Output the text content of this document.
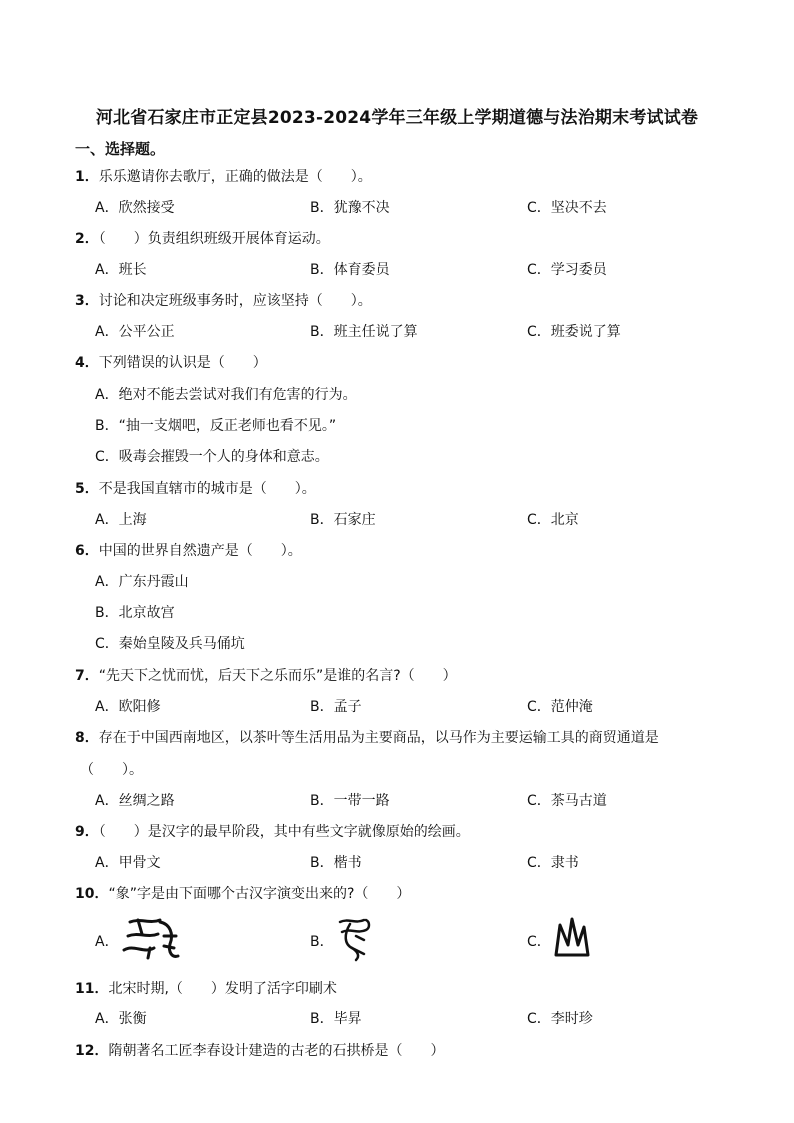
河北省石家庄市正定县2023-2024学年三年级上学期道德与法治期末考试试卷
一、选择题。
1．乐乐邀请你去歌厅，正确的做法是（　　）。
A．欣然接受	B．犹豫不决	C．坚决不去
2．（　　）负责组织班级开展体育运动。
A．班长	B．体育委员	C．学习委员
3．讨论和决定班级事务时，应该坚持（　　）。
A．公平公正	B．班主任说了算	C．班委说了算
4．下列错误的认识是（　　）
A．绝对不能去尝试对我们有危害的行为。
B．“抽一支烟吧，反正老师也看不见。”
C．吸毒会摧毁一个人的身体和意志。
5．不是我国直辖市的城市是（　　）。
A．上海	B．石家庄	C．北京
6．中国的世界自然遗产是（　　）。
A．广东丹霞山
B．北京故宫
C．秦始皇陵及兵马俑坑
7．“先天下之忧而忧，后天下之乐而乐”是谁的名言?（　　）
A．欧阳修	B．孟子	C．范仲淹
8．存在于中国西南地区，以茶叶等生活用品为主要商品，以马作为主要运输工具的商贸通道是
（　　）。
A．丝绸之路	B．一带一路	C．茶马古道
9．（　　）是汉字的最早阶段，其中有些文字就像原始的绘画。
A．甲骨文	B．楷书	C．隶书
10．“象”字是由下面哪个古汉字演变出来的?（　　）
A．	B．	C．
11．北宋时期,（　　）发明了活字印刷术
A．张衡	B．毕昇	C．李时珍
12．隋朝著名工匠李春设计建造的古老的石拱桥是（　　）
